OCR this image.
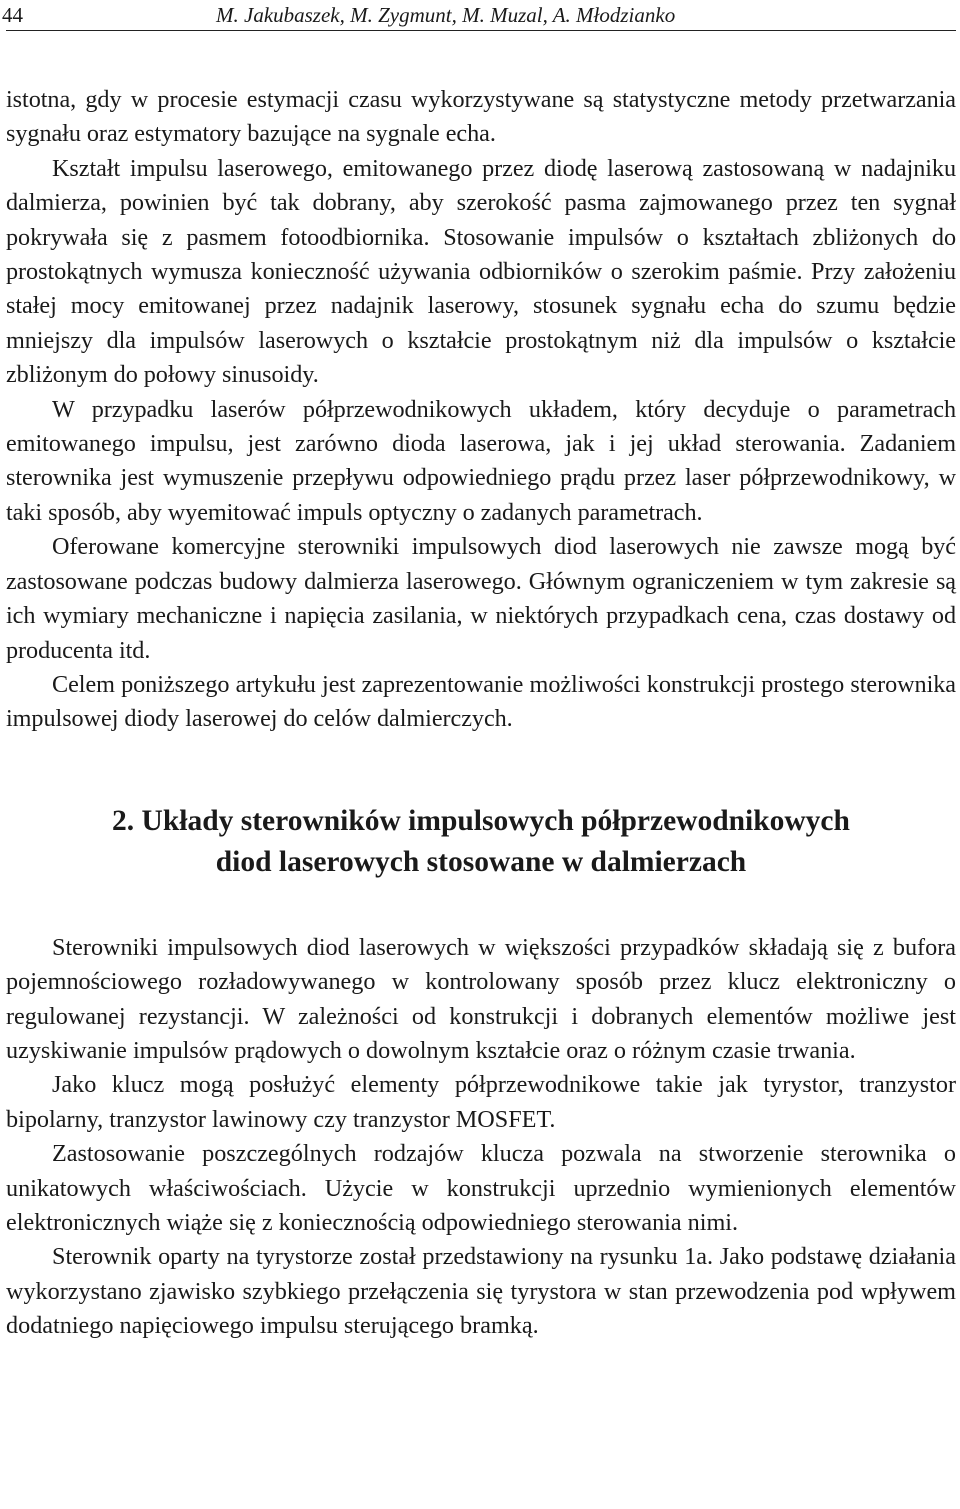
44	M. Jakubaszek, M. Zygmunt, M. Muzal, A. Młodzianko

istotna, gdy w procesie estymacji czasu wykorzystywane są statystyczne metody przetwarzania sygnału oraz estymatory bazujące na sygnale echa.

Kształt impulsu laserowego, emitowanego przez diodę laserową zastosowaną w nadajniku dalmierza, powinien być tak dobrany, aby szerokość pasma zajmowanego przez ten sygnał pokrywała się z pasmem fotoodbiornika. Stosowanie impulsów o kształtach zbliżonych do prostokątnych wymusza konieczność używania odbiorników o szerokim paśmie. Przy założeniu stałej mocy emitowanej przez nadajnik laserowy, stosunek sygnału echa do szumu będzie mniejszy dla impulsów laserowych o kształcie prostokątnym niż dla impulsów o kształcie zbliżonym do połowy sinusoidy.

W przypadku laserów półprzewodnikowych układem, który decyduje o parametrach emitowanego impulsu, jest zarówno dioda laserowa, jak i jej układ sterowania. Zadaniem sterownika jest wymuszenie przepływu odpowiedniego prądu przez laser półprzewodnikowy, w taki sposób, aby wyemitować impuls optyczny o zadanych parametrach.

Oferowane komercyjne sterowniki impulsowych diod laserowych nie zawsze mogą być zastosowane podczas budowy dalmierza laserowego. Głównym ograniczeniem w tym zakresie są ich wymiary mechaniczne i napięcia zasilania, w niektórych przypadkach cena, czas dostawy od producenta itd.

Celem poniższego artykułu jest zaprezentowanie możliwości konstrukcji prostego sterownika impulsowej diody laserowej do celów dalmierczych.

2. Układy sterowników impulsowych półprzewodnikowych
diod laserowych stosowane w dalmierzach

Sterowniki impulsowych diod laserowych w większości przypadków składają się z bufora pojemnościowego rozładowywanego w kontrolowany sposób przez klucz elektroniczny o regulowanej rezystancji. W zależności od konstrukcji i dobranych elementów możliwe jest uzyskiwanie impulsów prądowych o dowolnym kształcie oraz o różnym czasie trwania.

Jako klucz mogą posłużyć elementy półprzewodnikowe takie jak tyrystor, tranzystor bipolarny, tranzystor lawinowy czy tranzystor MOSFET.

Zastosowanie poszczególnych rodzajów klucza pozwala na stworzenie sterownika o unikatowych właściwościach. Użycie w konstrukcji uprzednio wymienionych elementów elektronicznych wiąże się z koniecznością odpowiedniego sterowania nimi.

Sterownik oparty na tyrystorze został przedstawiony na rysunku 1a. Jako podstawę działania wykorzystano zjawisko szybkiego przełączenia się tyrystora w stan przewodzenia pod wpływem dodatniego napięciowego impulsu sterującego bramką.
